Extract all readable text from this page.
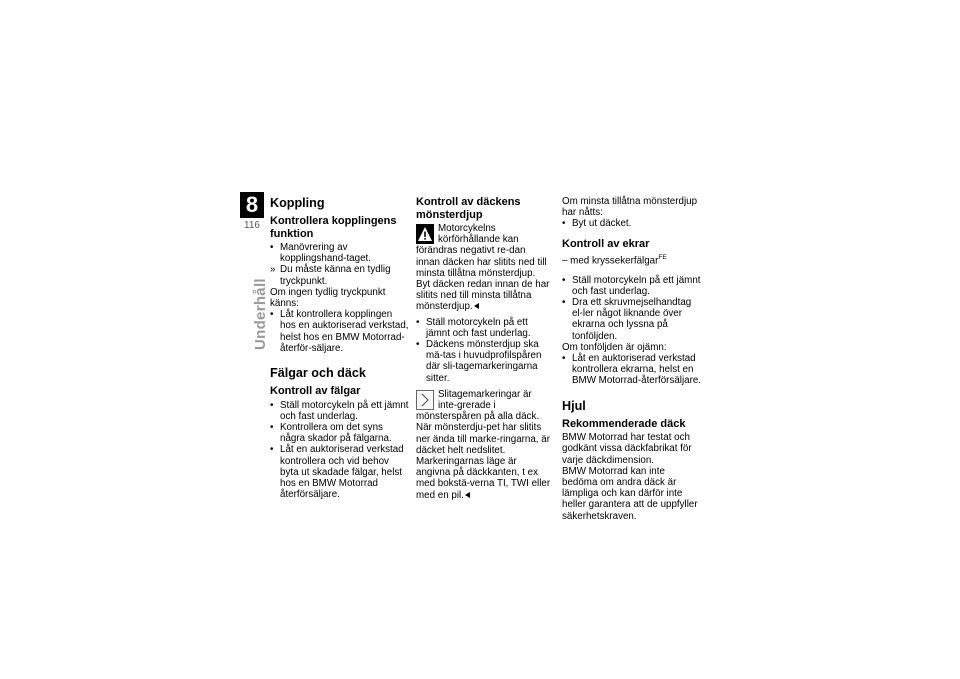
8
116
Underhåll
Koppling
Kontrollera kopplingens funktion
• Manövrering av kopplingshand-taget.
» Du måste känna en tydlig tryckpunkt.

Om ingen tydlig tryckpunkt känns:

• Låt kontrollera kopplingen hos en auktoriserad verkstad, helst hos en BMW Motorrad-återför-säljare.
Fälgar och däck
Kontroll av fälgar
• Ställ motorcykeln på ett jämnt och fast underlag.
• Kontrollera om det syns några skador på fälgarna.
• Låt en auktoriserad verkstad kontrollera och vid behov byta ut skadade fälgar, helst hos en BMW Motorrad återförsäljare.
Kontroll av däckens mönsterdjup

Motorcykelns körförhållande kan förändras negativt re-dan innan däcken har slitits ned till minsta tillåtna mönsterdjup.

Byt däcken redan innan de har slitits ned till minsta tillåtna mönsterdjup.

• Ställ motorcykeln på ett jämnt och fast underlag.
• Däckens mönsterdjup ska mä-tas i huvudprofilspåren där sli-tagemarkeringarna sitter.

Slitagemarkeringar är inte-grerade i mönsterspåren på alla däck. När mönsterdju-pet har slitits ner ända till marke-ringarna, är däcket helt nedslitet. Markeringarnas läge är angivna på däckkanten, t ex med bokstä-verna TI, TWI eller med en pil.

Om minsta tillåtna mönsterdjup har nåtts:

• Byt ut däcket.
Kontroll av ekrar

– med kryssekerfälgar$^{FE}$

• Ställ motorcykeln på ett jämnt och fast underlag.
• Dra ett skruvmejselhandtag el-ler något liknande över ekrarna och lyssna på tonföljden.

Om tonföljden är ojämn:

• Låt en auktoriserad verkstad kontrollera ekrarna, helst en BMW Motorrad-återförsäljare.
Hjul
Rekommenderade däck

BMW Motorrad har testat och godkänt vissa däckfabrikat för varje däckdimension.

BMW Motorrad kan inte bedöma om andra däck är lämpliga och kan därför inte heller garantera att de uppfyller säkerhetskraven.
